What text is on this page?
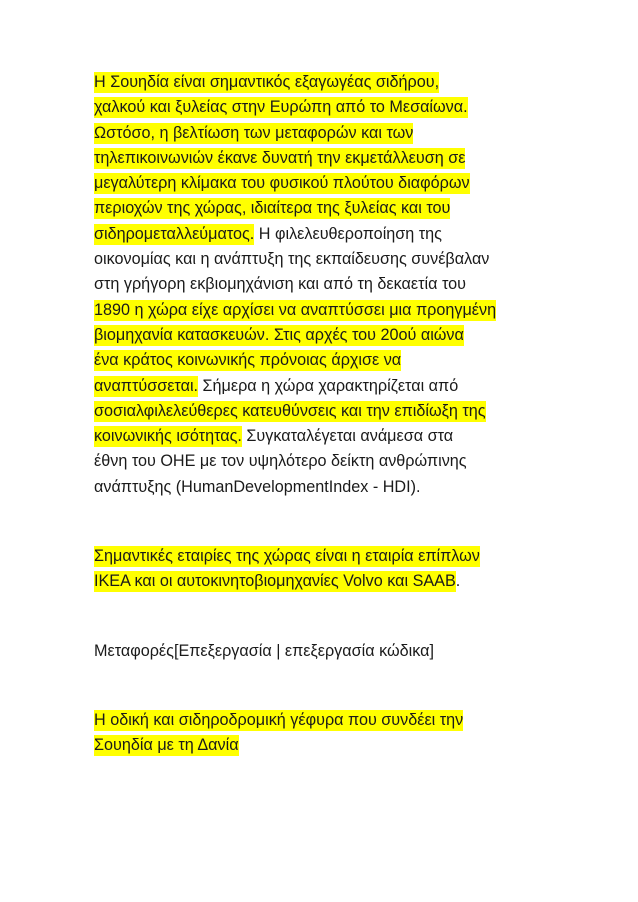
Η Σουηδία είναι σημαντικός εξαγωγέας σιδήρου,
χαλκού και ξυλείας στην Ευρώπη από το Μεσαίωνα.
Ωστόσο, η βελτίωση των μεταφορών και των
τηλεπικοινωνιών έκανε δυνατή την εκμετάλλευση σε
μεγαλύτερη κλίμακα του φυσικού πλούτου διαφόρων
περιοχών της χώρας, ιδιαίτερα της ξυλείας και του
σιδηρομεταλλεύματος. Η φιλελευθεροποίηση της
οικονομίας και η ανάπτυξη της εκπαίδευσης συνέβαλαν
στη γρήγορη εκβιομηχάνιση και από τη δεκαετία του
1890 η χώρα είχε αρχίσει να αναπτύσσει μια προηγμένη
βιομηχανία κατασκευών. Στις αρχές του 20ού αιώνα
ένα κράτος κοινωνικής πρόνοιας άρχισε να
αναπτύσσεται. Σήμερα η χώρα χαρακτηρίζεται από
σοσιαλφιλελεύθερες κατευθύνσεις και την επιδίωξη της
κοινωνικής ισότητας. Συγκαταλέγεται ανάμεσα στα
έθνη του ΟΗΕ με τον υψηλότερο δείκτη ανθρώπινης
ανάπτυξης (HumanDevelopmentIndex - HDI).
Σημαντικές εταιρίες της χώρας είναι η εταιρία επίπλων
IKEA και οι αυτοκινητοβιομηχανίες Volvo και SAAB.
Μεταφορές[Επεξεργασία | επεξεργασία κώδικα]
Η οδική και σιδηροδρομική γέφυρα που συνδέει την
Σουηδία με τη Δανία
